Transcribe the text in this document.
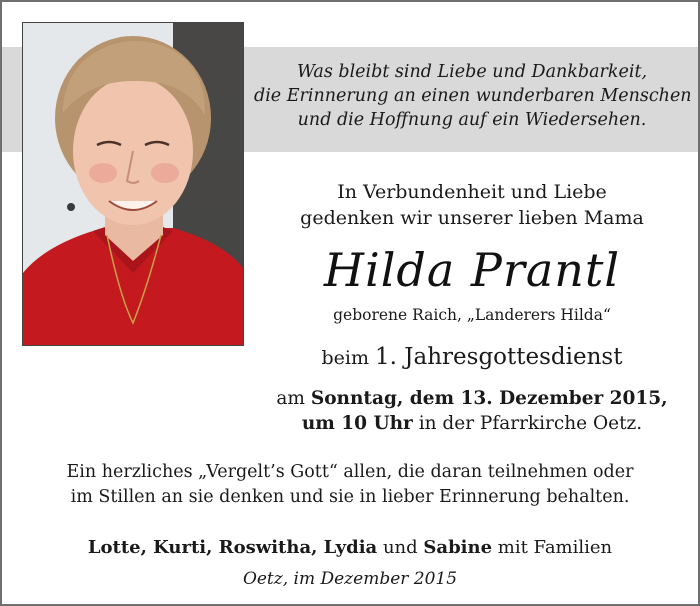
Was bleibt sind Liebe und Dankbarkeit,
die Erinnerung an einen wunderbaren Menschen
und die Hoffnung auf ein Wiedersehen.
In Verbundenheit und Liebe
gedenken wir unserer lieben Mama
Hilda Prantl
geborene Raich, „Landerers Hilda“
beim 1. Jahresgottesdienst
am Sonntag, dem 13. Dezember 2015,
um 10 Uhr in der Pfarrkirche Oetz.
Ein herzliches „Vergelt’s Gott“ allen, die daran teilnehmen oder
im Stillen an sie denken und sie in lieber Erinnerung behalten.
Lotte, Kurti, Roswitha, Lydia und Sabine mit Familien
Oetz, im Dezember 2015
